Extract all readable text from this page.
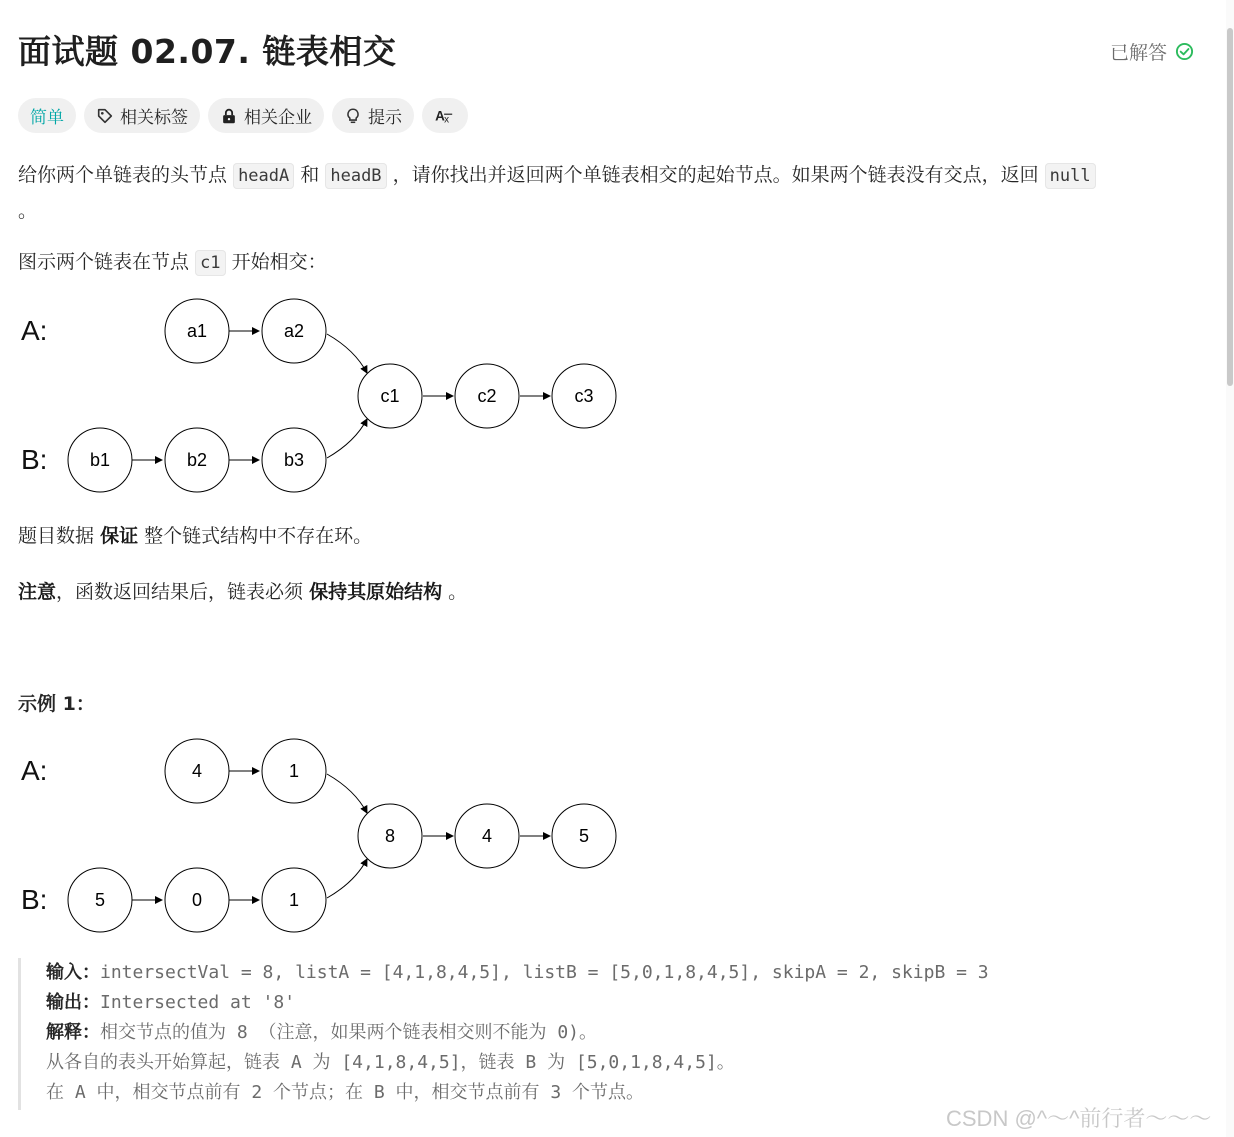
面试题 02.07. 链表相交	已解答
简单	相关标签	相关企业	提示 A x
给你两个单链表的头节点 headA 和 headB ，请你找出并返回两个单链表相交的起始节点。如果两个链表没有交点，返回 null
。
图示两个链表在节点 c1 开始相交：
A:
B:
a1	a2
b1	b2	b3
c1	c2	c3
题目数据 保证 整个链式结构中不存在环。
注意，函数返回结果后，链表必须 保持其原始结构 。
示例 1：
A:
B:
4	1
5	0	1
8	4	5
输入：intersectVal = 8, listA = [4,1,8,4,5], listB = [5,0,1,8,4,5], skipA = 2, skipB = 3
输出：Intersected at '8'
解释：相交节点的值为 8 （注意，如果两个链表相交则不能为 0)。
从各自的表头开始算起，链表 A 为 [4,1,8,4,5]，链表 B 为 [5,0,1,8,4,5]。
在 A 中，相交节点前有 2 个节点；在 B 中，相交节点前有 3 个节点。
CSDN @^～^前行者～～～
